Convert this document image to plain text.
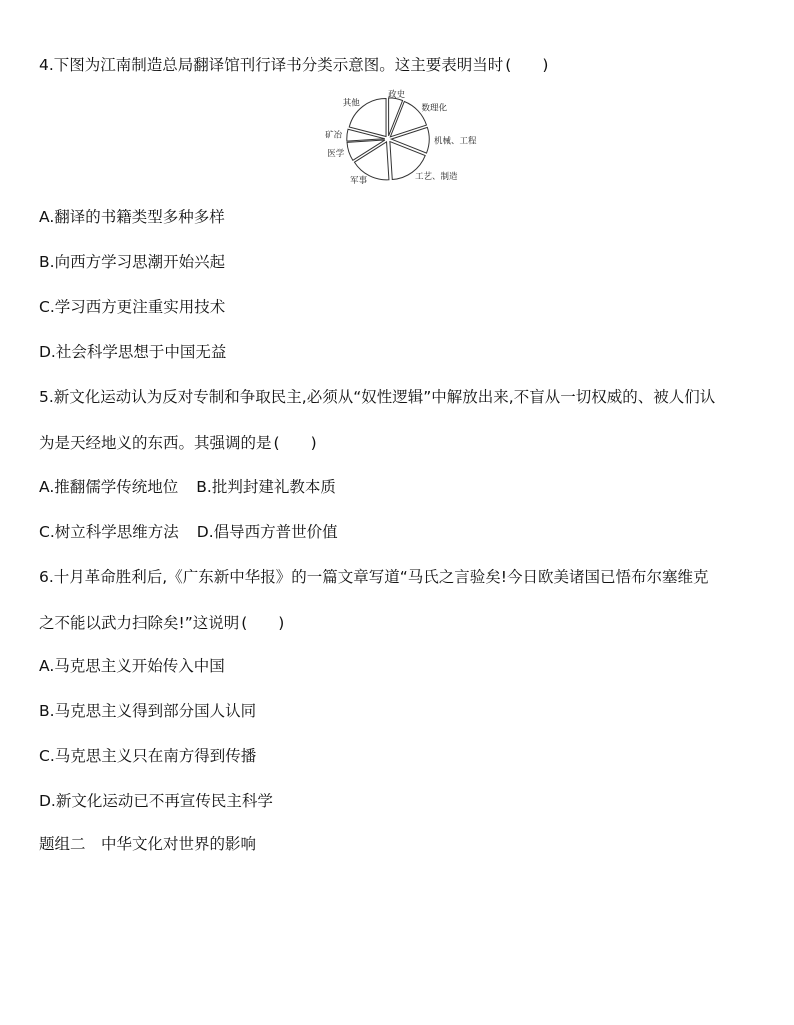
4.下图为江南制造总局翻译馆刊行译书分类示意图。这主要表明当时 (　　)
政史
数理化
机械、工程
工艺、制造
军事
医学
矿冶
其他
A.翻译的书籍类型多种多样
B.向西方学习思潮开始兴起
C.学习西方更注重实用技术
D.社会科学思想于中国无益
5.新文化运动认为反对专制和争取民主,必须从“奴性逻辑”中解放出来,不盲从一切权威的、被人们认
为是天经地义的东西。其强调的是 (　　)
A.推翻儒学传统地位 B.批判封建礼教本质
C.树立科学思维方法 D.倡导西方普世价值
6.十月革命胜利后,《广东新中华报》的一篇文章写道“马氏之言验矣!今日欧美诸国已悟布尔塞维克
之不能以武力扫除矣!”这说明 (　　)
A.马克思主义开始传入中国
B.马克思主义得到部分国人认同
C.马克思主义只在南方得到传播
D.新文化运动已不再宣传民主科学
题组二　中华文化对世界的影响
